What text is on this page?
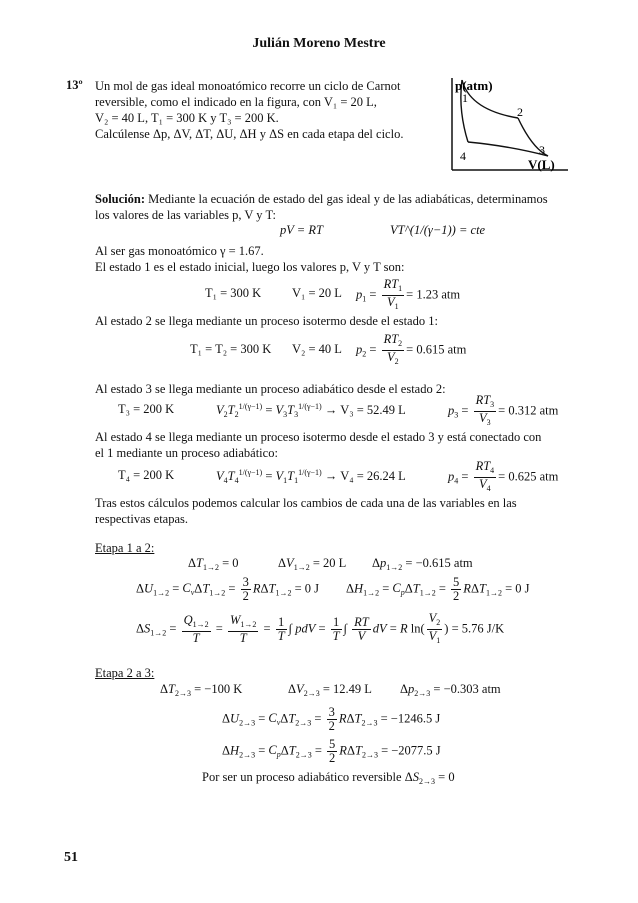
Julián Moreno Mestre
13º Un mol de gas ideal monoatómico recorre un ciclo de Carnot
reversible, como el indicado en la figura, con V₁ = 20 L,
V₂ = 40 L, T₁ = 300 K y T₃ = 200 K.
Calcúlense Δp, ΔV, ΔT, ΔU, ΔH y ΔS en cada etapa del ciclo.
p(atm)
V(L)
1
2
3
4
Solución: Mediante la ecuación de estado del gas ideal y de las adiabáticas, determinamos
los valores de las variables p, V y T:
pV = RT	VT^(1/(γ−1)) = cte
Al ser gas monoatómico γ = 1.67.
El estado 1 es el estado inicial, luego los valores p, V y T son:
T₁ = 300 K V₁ = 20 L $p_1 = \frac{RT_1}{V_1} = 1.23$ atm
Al estado 2 se llega mediante un proceso isotermo desde el estado 1:
T₁ = T₂ = 300 K V₂ = 40 L $p_2 = \frac{RT_2}{V_2} = 0.615$ atm
Al estado 3 se llega mediante un proceso adiabático desde el estado 2:
T₃ = 200 K	$V_2T_2^{1/(\gamma-1)} = V_3T_3^{1/(\gamma-1)} \to V_3 = 52.49$ L	$p_3 = \frac{RT_3}{V_3} = 0.312$ atm
Al estado 4 se llega mediante un proceso isotermo desde el estado 3 y está conectado con
el 1 mediante un proceso adiabático:
T₄ = 200 K	$V_4T_4^{1/(\gamma-1)} = V_1T_1^{1/(\gamma-1)} \to V_4 = 26.24$ L	$p_4 = \frac{RT_4}{V_4} = 0.625$ atm
Tras estos cálculos podemos calcular los cambios de cada una de las variables en las
respectivas etapas.
Etapa 1 a 2:
$\Delta T_{1\to 2} = 0$	$\Delta V_{1\to 2} = 20$ L $\Delta p_{1\to 2} = -0.615$ atm
$\Delta U_{1\to 2} = C_v\Delta T_{1\to 2} = \frac{3}{2} R\Delta T_{1\to 2} = 0$ J $\Delta H_{1\to 2} = C_p\Delta T_{1\to 2} = \frac{5}{2} R\Delta T_{1\to 2} = 0$ J
$\Delta S_{1\to 2} = \frac{Q_{1\to 2}}{T} = \frac{W_{1\to 2}}{T} = \frac{1}{T}$ ∫ pdV = $\frac{1}{T}$ ∫ $\frac{RT}{V}$ dV = R $\ln( \frac{V_2}{V_1}$ ) = 5.76 J/K
Etapa 2 a 3:
$\Delta T_{2\to 3} = -100$ K	$\Delta V_{2\to 3} = 12.49$ L $\Delta p_{2\to 3} = -0.303$ atm
$\Delta U_{2\to 3} = C_v\Delta T_{2\to 3} = \frac{3}{2} R\Delta T_{2\to 3} = -1246.5$ J
$\Delta H_{2\to 3} = C_p\Delta T_{2\to 3} = \frac{5}{2} R\Delta T_{2\to 3} = -2077.5$ J
Por ser un proceso adiabático reversible $\Delta S_{2\to 3} = 0$
51
